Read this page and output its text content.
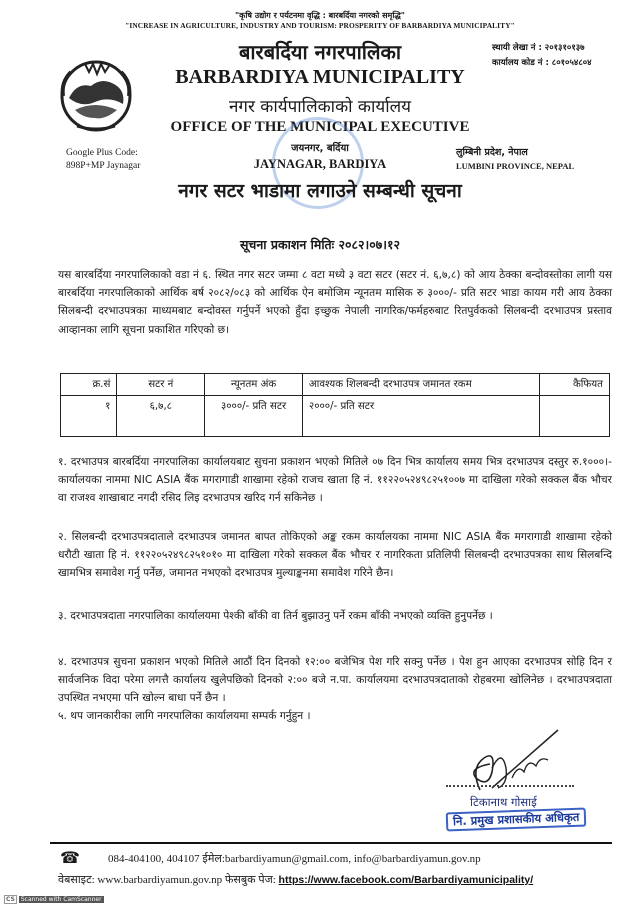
"कृषि उद्योग र पर्यटनमा वृद्धि : बारबर्दिया नगरको समृद्धि"
"INCREASE IN AGRICULTURE, INDUSTRY AND TOURISM: PROSPERITY OF BARBARDIYA MUNICIPALITY"
स्थायी लेखा नं : २०१३१०१३७
कार्यालय कोड नं : ८०१०५४८०४
बारबर्दिया नगरपालिका
BARBARDIYA MUNICIPALITY
नगर कार्यपालिकाको कार्यालय
OFFICE OF THE MUNICIPAL EXECUTIVE
Google Plus Code:
898P+MP Jaynagar
जयनगर, बर्दिया
JAYNAGAR, BARDIYA
लुम्बिनी प्रदेश, नेपाल
LUMBINI PROVINCE, NEPAL
नगर सटर भाडामा लगाउने सम्बन्धी सूचना
सूचना प्रकाशन मितिः २०८२।०७।१२
यस बारबर्दिया नगरपालिकाको वडा नं ६. स्थित नगर सटर जम्मा ८ वटा मध्ये ३ वटा सटर (सटर नं. ६,७,८) को आय ठेक्का बन्दोवस्तोका लागी यस बारबर्दिया नगरपालिकाको आर्थिक बर्ष २०८२/०८३ को आर्थिक ऐन बमोजिम न्यूनतम मासिक रु ३०००/- प्रति सटर भाडा कायम गरी आय ठेक्का सिलबन्दी दरभाउपत्रका माध्यमबाट बन्दोवस्त गर्नुपर्ने भएको हुँदा इच्छुक नेपाली नागरिक/फर्महरुबाट रितपुर्वकको सिलबन्दी दरभाउपत्र प्रस्ताव आव्हानका लागि सूचना प्रकाशित गरिएको छ।
क्र.सं	सटर नं	न्यूनतम अंक	आवश्यक शिलबन्दी दरभाउपत्र जमानत रकम	कैफियत
१	६,७,८	३०००/- प्रति सटर	२०००/- प्रति सटर	
१. दरभाउपत्र बारबर्दिया नगरपालिका कार्यालयबाट सुचना प्रकाशन भएको मितिले ०७ दिन भित्र कार्यालय समय भित्र दरभाउपत्र दस्तुर रु.१०००।- कार्यालयका नाममा NIC ASIA बैंक मगरागाडी शाखामा रहेको राजच खाता हि नं. ११२२०५२४९८२५१००७ मा दाखिला गरेको सक्कल बैंक भौचर वा राजश्व शाखाबाट नगदी रसिद लिइ दरभाउपत्र खरिद गर्न सकिनेछ ।
२. सिलबन्दी दरभाउपत्रदाताले दरभाउपत्र जमानत बापत तोकिएको अङ्क रकम कार्यालयका नाममा NIC ASIA बैंक मगरागाडी शाखामा रहेको धरौटी खाता हि नं. ११२२०५२४९८२५१०१० मा दाखिला गरेको सक्कल बैंक भौचर र नागरिकता प्रतिलिपी सिलबन्दी दरभाउपत्रका साथ सिलबन्दि खामभित्र समावेश गर्नु पर्नेछ, जमानत नभएको दरभाउपत्र मुल्याङ्कनमा समावेश गरिने छैन।
३. दरभाउपत्रदाता नगरपालिका कार्यालयमा पेश्की बाँकी वा तिर्न बुझाउनु पर्ने रकम बाँकी नभएको व्यक्ति हुनुपर्नेछ ।
४. दरभाउपत्र सुचना प्रकाशन भएको मितिले आठौं दिन दिनको १२:०० बजेभित्र पेश गरि सक्नु पर्नेछ । पेश हुन आएका दरभाउपत्र सोहि दिन र सार्वजनिक विदा परेमा लगत्तै कार्यालय खुलेपछिको दिनको २:०० बजे न.पा. कार्यालयमा दरभाउपत्रदाताको रोहबरमा खोलिनेछ । दरभाउपत्रदाता उपस्थित नभएमा पनि खोल्न बाधा पर्ने छैन ।
५. थप जानकारीका लागि नगरपालिका कार्यालयमा सम्पर्क गर्नुहुन ।
टिकानाथ गोसाई
नि. प्रमुख प्रशासकीय अधिकृत
☎	084-404100, 404107 ईमेल:barbardiyamun@gmail.com, info@barbardiyamun.gov.np
वेबसाइट: www.barbardiyamun.gov.np फेसबुक पेज: https://www.facebook.com/Barbardiyamunicipality/
CS Scanned with CamScanner
